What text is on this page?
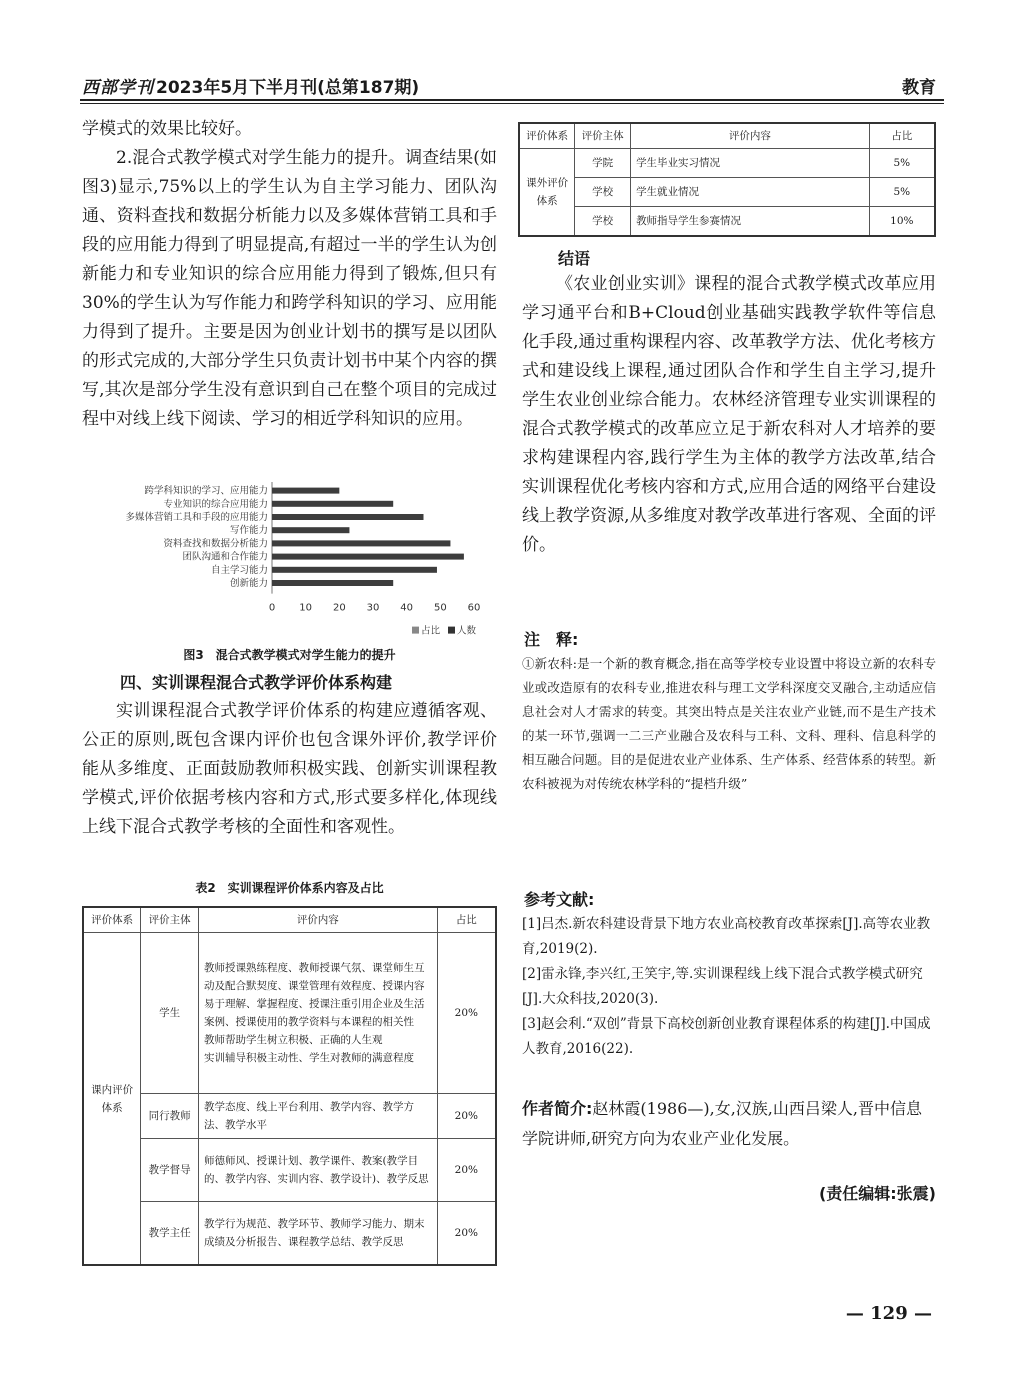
西部学刊 2023年5月下半月刊(总第187期)	教育

学模式的效果比较好。

2.混合式教学模式对学生能力的提升。调查结果(如图3)显示,75%以上的学生认为自主学习能力、团队沟通、资料查找和数据分析能力以及多媒体营销工具和手段的应用能力得到了明显提高,有超过一半的学生认为创新能力和专业知识的综合应用能力得到了锻炼,但只有30%的学生认为写作能力和跨学科知识的学习、应用能力得到了提升。主要是因为创业计划书的撰写是以团队的形式完成的,大部分学生只负责计划书中某个内容的撰写,其次是部分学生没有意识到自己在整个项目的完成过程中对线上线下阅读、学习的相近学科知识的应用。

跨学科知识的学习、应用能力
专业知识的综合应用能力
多媒体营销工具和手段的应用能力
写作能力
资料查找和数据分析能力
团队沟通和合作能力
自主学习能力
创新能力
0 10 20 30 40 50 60
占比 人数
图3　混合式教学模式对学生能力的提升
四、实训课程混合式教学评价体系构建

实训课程混合式教学评价体系的构建应遵循客观、公正的原则,既包含课内评价也包含课外评价,教学评价能从多维度、正面鼓励教师积极实践、创新实训课程教学模式,评价依据考核内容和方式,形式要多样化,体现线上线下混合式教学考核的全面性和客观性。

表2　实训课程评价体系内容及占比
评价体系	评价主体	评价内容	占比
课内评价体系	学生	教师授课熟练程度、教师授课气氛、课堂师生互动及配合默契度、课堂管理有效程度、授课内容易于理解、掌握程度、授课注重引用企业及生活案例、授课使用的教学资料与本课程的相关性
教师帮助学生树立积极、正确的人生观
实训辅导积极主动性、学生对教师的满意程度	20%
	同行教师	教学态度、线上平台利用、教学内容、教学方法、教学水平	20%
	教学督导	师德师风、授课计划、教学课件、教案(教学目的、教学内容、实训内容、教学设计)、教学反思	20%
	教学主任	教学行为规范、教学环节、教师学习能力、期末成绩及分析报告、课程教学总结、教学反思	20%
评价体系	评价主体	评价内容	占比
课外评价体系	学院	学生毕业实习情况	5%
	学校	学生就业情况	5%
	学校	教师指导学生参赛情况	10%
结语

《农业创业实训》课程的混合式教学模式改革应用学习通平台和B+Cloud创业基础实践教学软件等信息化手段,通过重构课程内容、改革教学方法、优化考核方式和建设线上课程,通过团队合作和学生自主学习,提升学生农业创业综合能力。农林经济管理专业实训课程的混合式教学模式的改革应立足于新农科对人才培养的要求构建课程内容,践行学生为主体的教学方法改革,结合实训课程优化考核内容和方式,应用合适的网络平台建设线上教学资源,从多维度对教学改革进行客观、全面的评价。

注　释:
①新农科:是一个新的教育概念,指在高等学校专业设置中将设立新的农科专业或改造原有的农科专业,推进农科与理工文学科深度交叉融合,主动适应信息社会对人才需求的转变。其突出特点是关注农业产业链,而不是生产技术的某一环节,强调一二三产业融合及农科与工科、文科、理科、信息科学的相互融合问题。目的是促进农业产业体系、生产体系、经营体系的转型。新农科被视为对传统农林学科的“提档升级”
参考文献:
[1]吕杰.新农科建设背景下地方农业高校教育改革探索[J].高等农业教育,2019(2).
[2]雷永锋,李兴红,王笑宇,等.实训课程线上线下混合式教学模式研究[J].大众科技,2020(3).
[3]赵会利.“双创”背景下高校创新创业教育课程体系的构建[J].中国成人教育,2016(22).
作者简介:赵林霞(1986—),女,汉族,山西吕梁人,晋中信息学院讲师,研究方向为农业产业化发展。
(责任编辑:张震)
— 129 —
